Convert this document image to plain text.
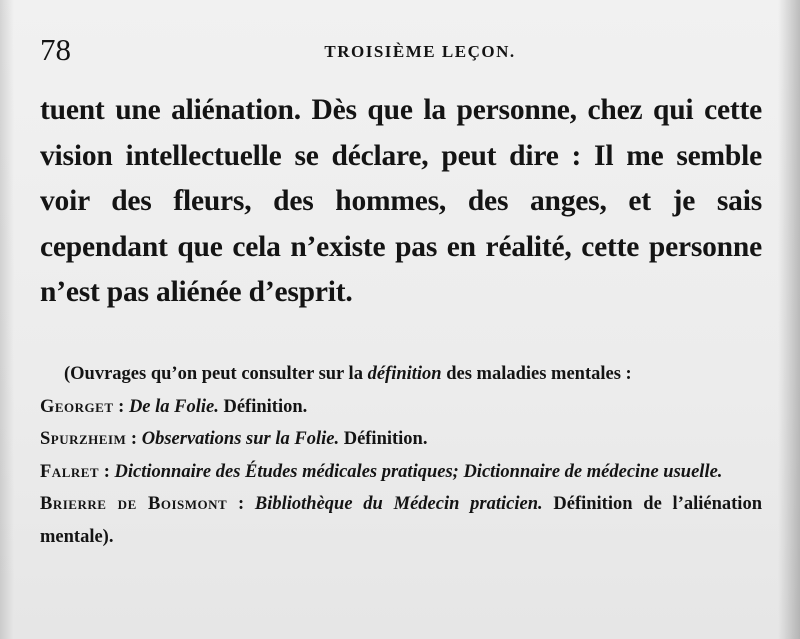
78	TROISIÈME LEÇON.
tuent une aliénation. Dès que la personne, chez qui cette vision intellectuelle se déclare, peut dire : Il me semble voir des fleurs, des hommes, des anges, et je sais cependant que cela n’existe pas en réalité, cette personne n’est pas aliénée d’esprit.

(Ouvrages qu’on peut consulter sur la définition des maladies mentales :

Georget : De la Folie. Définition.

Spurzheim : Observations sur la Folie. Définition.

Falret : Dictionnaire des Études médicales pratiques; Dictionnaire de médecine usuelle.

Brierre de Boismont : Bibliothèque du Médecin praticien. Définition de l’aliénation mentale).
